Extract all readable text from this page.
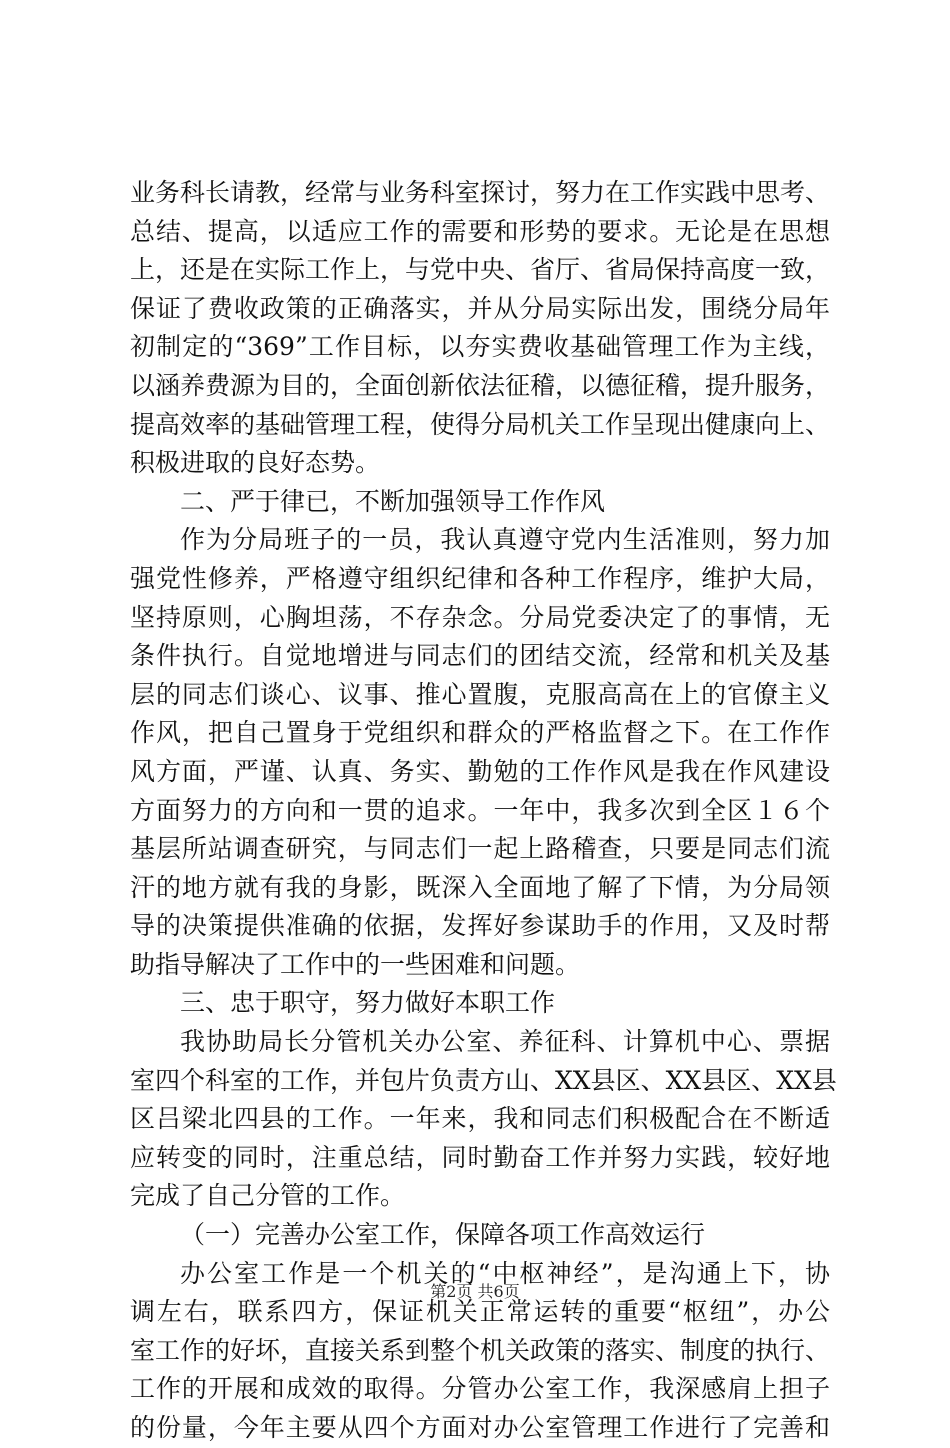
业务科长请教，经常与业务科室探讨，努力在工作实践中思考、
总结、提高，以适应工作的需要和形势的要求。无论是在思想
上，还是在实际工作上，与党中央、省厅、省局保持高度一致，
保证了费收政策的正确落实，并从分局实际出发，围绕分局年
初制定的“369”工作目标，以夯实费收基础管理工作为主线，
以涵养费源为目的，全面创新依法征稽，以德征稽，提升服务，
提高效率的基础管理工程，使得分局机关工作呈现出健康向上、
积极进取的良好态势。
二、严于律已，不断加强领导工作作风
作为分局班子的一员，我认真遵守党内生活准则，努力加
强党性修养，严格遵守组织纪律和各种工作程序，维护大局，
坚持原则，心胸坦荡，不存杂念。分局党委决定了的事情，无
条件执行。自觉地增进与同志们的团结交流，经常和机关及基
层的同志们谈心、议事、推心置腹，克服高高在上的官僚主义
作风，把自己置身于党组织和群众的严格监督之下。在工作作
风方面，严谨、认真、务实、勤勉的工作作风是我在作风建设
方面努力的方向和一贯的追求。一年中，我多次到全区１６个
基层所站调查研究，与同志们一起上路稽查，只要是同志们流
汗的地方就有我的身影，既深入全面地了解了下情，为分局领
导的决策提供准确的依据，发挥好参谋助手的作用，又及时帮
助指导解决了工作中的一些困难和问题。
三、忠于职守，努力做好本职工作
我协助局长分管机关办公室、养征科、计算机中心、票据
室四个科室的工作，并包片负责方山、XX县区、XX县区、XX县
区吕梁北四县的工作。一年来，我和同志们积极配合在不断适
应转变的同时，注重总结，同时勤奋工作并努力实践，较好地
完成了自己分管的工作。
（一）完善办公室工作，保障各项工作高效运行
办公室工作是一个机关的“中枢神经”，是沟通上下，协
调左右，联系四方，保证机关正常运转的重要“枢纽”，办公
室工作的好坏，直接关系到整个机关政策的落实、制度的执行、
工作的开展和成效的取得。分管办公室工作，我深感肩上担子
的份量，今年主要从四个方面对办公室管理工作进行了完善和
第2页 共6页
